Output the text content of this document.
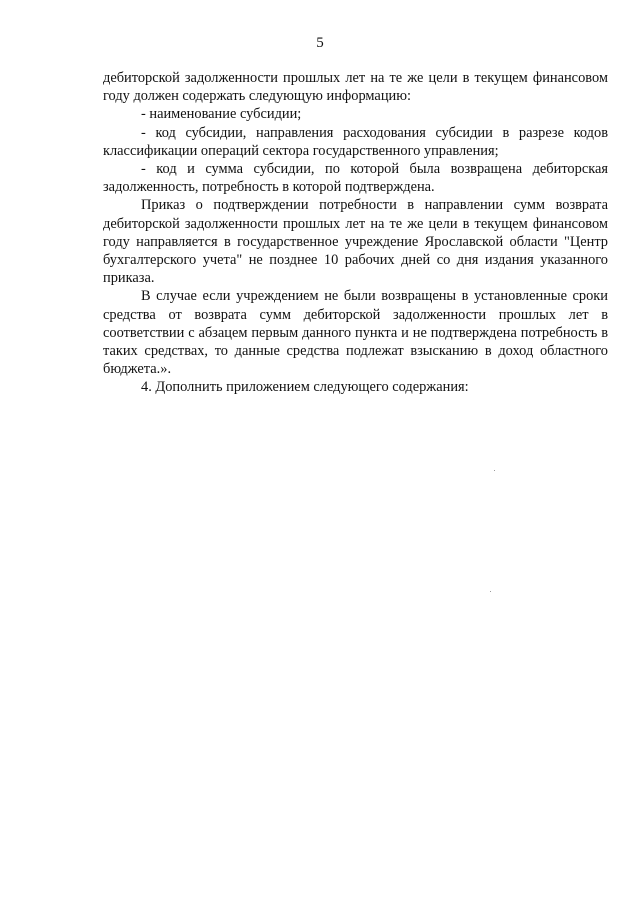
5

дебиторской задолженности прошлых лет на те же цели в текущем финансовом году должен содержать следующую информацию:

- наименование субсидии;

- код субсидии, направления расходования субсидии в разрезе кодов классификации операций сектора государственного управления;

- код и сумма субсидии, по которой была возвращена дебиторская задолженность, потребность в которой подтверждена.

Приказ о подтверждении потребности в направлении сумм возврата дебиторской задолженности прошлых лет на те же цели в текущем финансовом году направляется в государственное учреждение Ярославской области "Центр бухгалтерского учета" не позднее 10 рабочих дней со дня издания указанного приказа.

В случае если учреждением не были возвращены в установленные сроки средства от возврата сумм дебиторской задолженности прошлых лет в соответствии с абзацем первым данного пункта и не подтверждена потребность в таких средствах, то данные средства подлежат взысканию в доход областного бюджета.».

4. Дополнить приложением следующего содержания:
